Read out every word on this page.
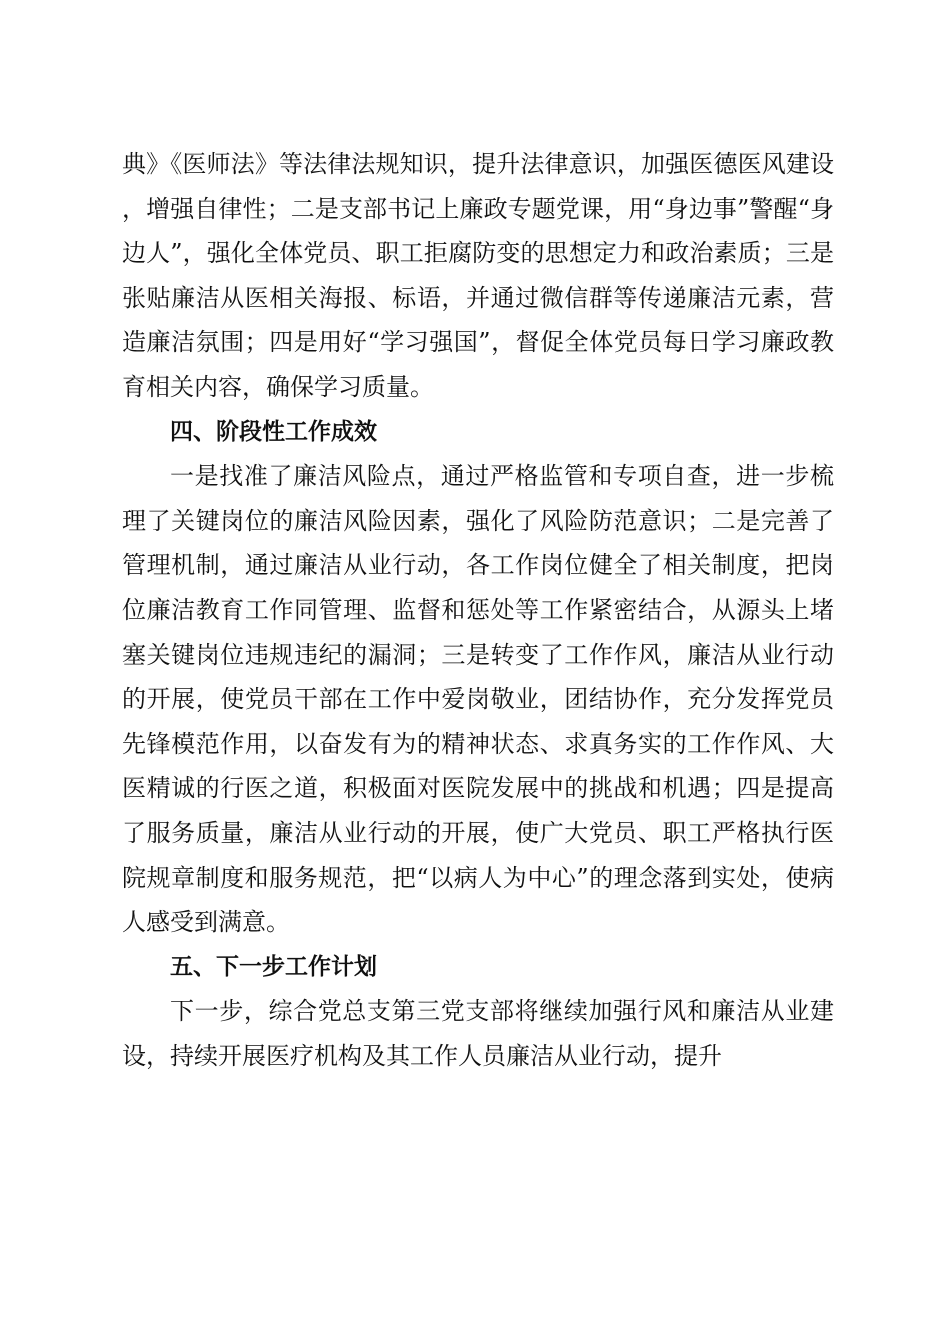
典》《医师法》等法律法规知识，提升法律意识，加强医德医风建设，增强自律性；二是支部书记上廉政专题党课，用“身边事”警醒“身边人”，强化全体党员、职工拒腐防变的思想定力和政治素质；三是张贴廉洁从医相关海报、标语，并通过微信群等传递廉洁元素，营造廉洁氛围；四是用好“学习强国”，督促全体党员每日学习廉政教育相关内容，确保学习质量。

四、阶段性工作成效

一是找准了廉洁风险点，通过严格监管和专项自查，进一步梳理了关键岗位的廉洁风险因素，强化了风险防范意识；二是完善了管理机制，通过廉洁从业行动，各工作岗位健全了相关制度，把岗位廉洁教育工作同管理、监督和惩处等工作紧密结合，从源头上堵塞关键岗位违规违纪的漏洞；三是转变了工作作风，廉洁从业行动的开展，使党员干部在工作中爱岗敬业，团结协作，充分发挥党员先锋模范作用，以奋发有为的精神状态、求真务实的工作作风、大医精诚的行医之道，积极面对医院发展中的挑战和机遇；四是提高了服务质量，廉洁从业行动的开展，使广大党员、职工严格执行医院规章制度和服务规范，把“以病人为中心”的理念落到实处，使病人感受到满意。

五、下一步工作计划

下一步，综合党总支第三党支部将继续加强行风和廉洁从业建设，持续开展医疗机构及其工作人员廉洁从业行动，提升
